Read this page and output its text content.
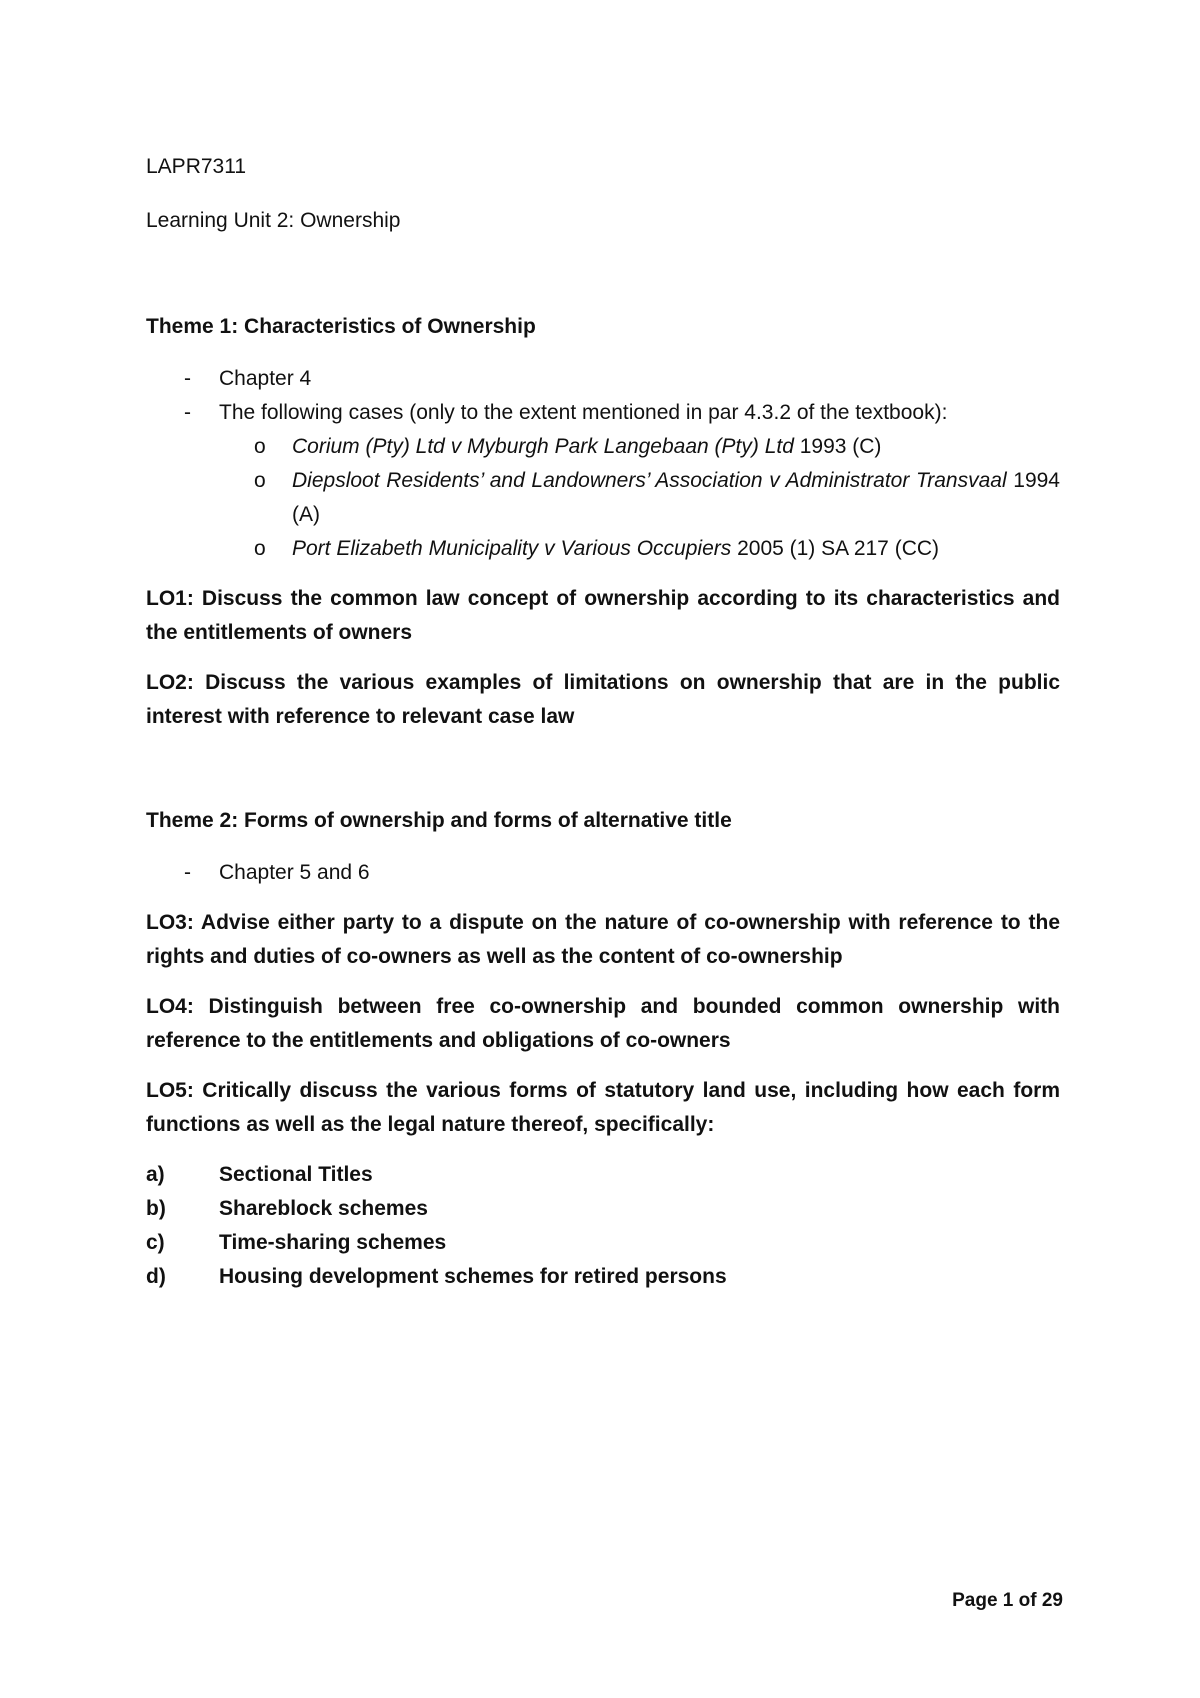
LAPR7311

Learning Unit 2: Ownership

Theme 1: Characteristics of Ownership

- Chapter 4
- The following cases (only to the extent mentioned in par 4.3.2 of the textbook):
o Corium (Pty) Ltd v Myburgh Park Langebaan (Pty) Ltd 1993 (C)
o Diepsloot Residents’ and Landowners’ Association v Administrator Transvaal 1994 (A)
o Port Elizabeth Municipality v Various Occupiers 2005 (1) SA 217 (CC)

LO1: Discuss the common law concept of ownership according to its characteristics and the entitlements of owners

LO2: Discuss the various examples of limitations on ownership that are in the public interest with reference to relevant case law

Theme 2: Forms of ownership and forms of alternative title

- Chapter 5 and 6

LO3: Advise either party to a dispute on the nature of co-ownership with reference to the rights and duties of co-owners as well as the content of co-ownership

LO4: Distinguish between free co-ownership and bounded common ownership with reference to the entitlements and obligations of co-owners

LO5: Critically discuss the various forms of statutory land use, including how each form functions as well as the legal nature thereof, specifically:

a)	Sectional Titles
b)	Shareblock schemes
c)	Time-sharing schemes
d)	Housing development schemes for retired persons
Page 1 of 29
